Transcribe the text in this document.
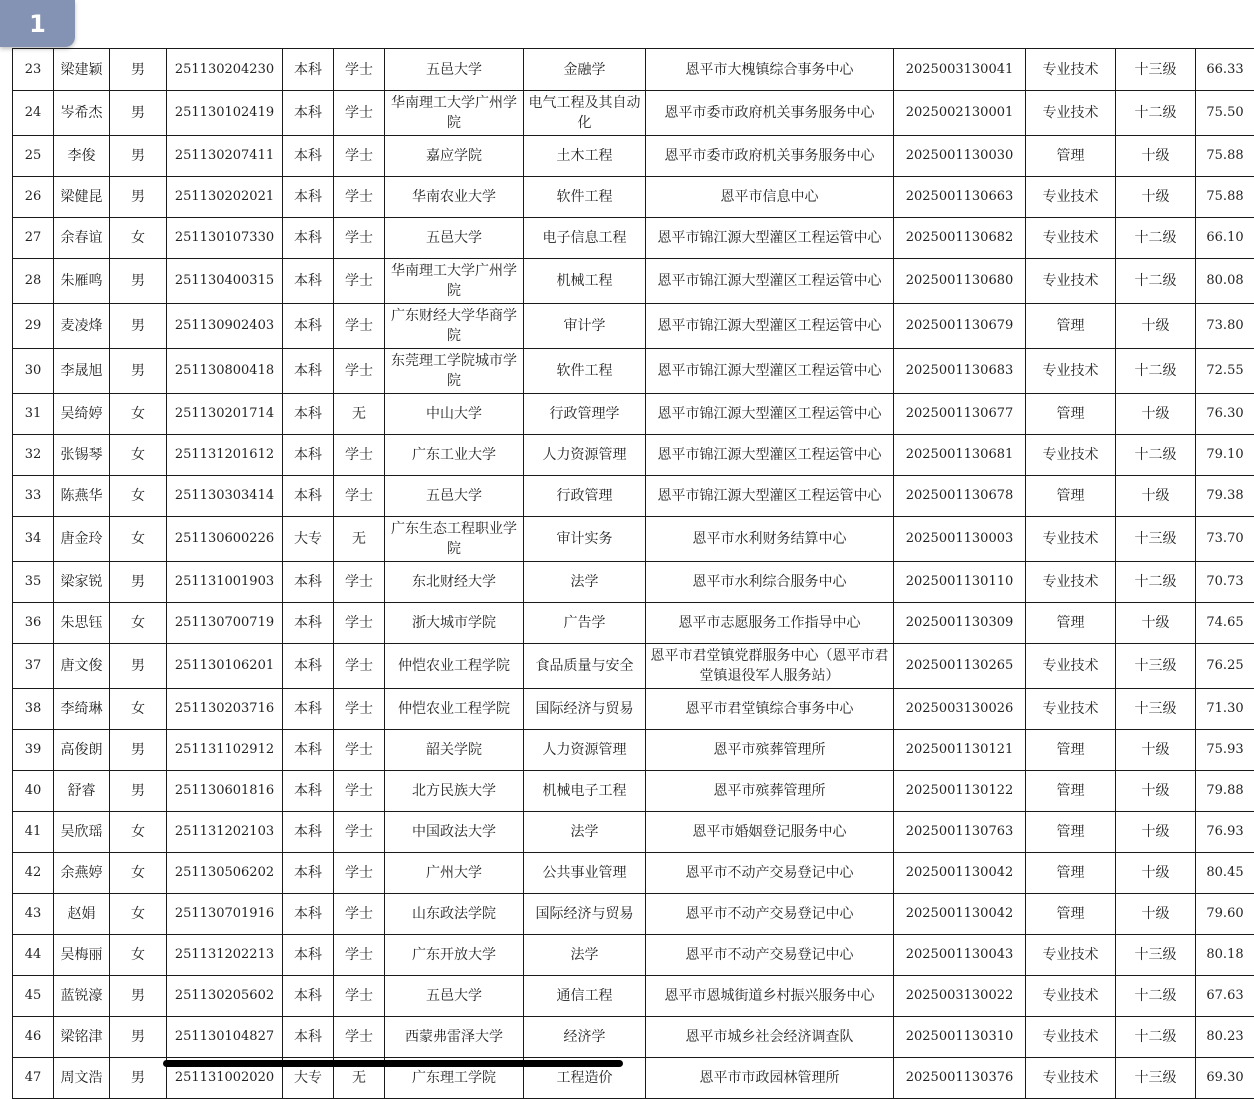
1
23	梁建颖	男	251130204230	本科	学士	五邑大学	金融学	恩平市大槐镇综合事务中心	2025003130041	专业技术	十三级	66.33
24	岑希杰	男	251130102419	本科	学士	华南理工大学广州学院	电气工程及其自动化	恩平市委市政府机关事务服务中心	2025002130001	专业技术	十二级	75.50
25	李俊	男	251130207411	本科	学士	嘉应学院	土木工程	恩平市委市政府机关事务服务中心	2025001130030	管理	十级	75.88
26	梁健昆	男	251130202021	本科	学士	华南农业大学	软件工程	恩平市信息中心	2025001130663	专业技术	十级	75.88
27	余春谊	女	251130107330	本科	学士	五邑大学	电子信息工程	恩平市锦江源大型灌区工程运管中心	2025001130682	专业技术	十二级	66.10
28	朱雁鸣	男	251130400315	本科	学士	华南理工大学广州学院	机械工程	恩平市锦江源大型灌区工程运管中心	2025001130680	专业技术	十二级	80.08
29	麦凌烽	男	251130902403	本科	学士	广东财经大学华商学院	审计学	恩平市锦江源大型灌区工程运管中心	2025001130679	管理	十级	73.80
30	李晟旭	男	251130800418	本科	学士	东莞理工学院城市学院	软件工程	恩平市锦江源大型灌区工程运管中心	2025001130683	专业技术	十二级	72.55
31	吴绮婷	女	251130201714	本科	无	中山大学	行政管理学	恩平市锦江源大型灌区工程运管中心	2025001130677	管理	十级	76.30
32	张锡琴	女	251131201612	本科	学士	广东工业大学	人力资源管理	恩平市锦江源大型灌区工程运管中心	2025001130681	专业技术	十二级	79.10
33	陈燕华	女	251130303414	本科	学士	五邑大学	行政管理	恩平市锦江源大型灌区工程运管中心	2025001130678	管理	十级	79.38
34	唐金玲	女	251130600226	大专	无	广东生态工程职业学院	审计实务	恩平市水利财务结算中心	2025001130003	专业技术	十三级	73.70
35	梁家锐	男	251131001903	本科	学士	东北财经大学	法学	恩平市水利综合服务中心	2025001130110	专业技术	十二级	70.73
36	朱思钰	女	251130700719	本科	学士	浙大城市学院	广告学	恩平市志愿服务工作指导中心	2025001130309	管理	十级	74.65
37	唐文俊	男	251130106201	本科	学士	仲恺农业工程学院	食品质量与安全	恩平市君堂镇党群服务中心（恩平市君堂镇退役军人服务站）	2025001130265	专业技术	十三级	76.25
38	李绮琳	女	251130203716	本科	学士	仲恺农业工程学院	国际经济与贸易	恩平市君堂镇综合事务中心	2025003130026	专业技术	十三级	71.30
39	高俊朗	男	251131102912	本科	学士	韶关学院	人力资源管理	恩平市殡葬管理所	2025001130121	管理	十级	75.93
40	舒睿	男	251130601816	本科	学士	北方民族大学	机械电子工程	恩平市殡葬管理所	2025001130122	管理	十级	79.88
41	吴欣瑶	女	251131202103	本科	学士	中国政法大学	法学	恩平市婚姻登记服务中心	2025001130763	管理	十级	76.93
42	余燕婷	女	251130506202	本科	学士	广州大学	公共事业管理	恩平市不动产交易登记中心	2025001130042	管理	十级	80.45
43	赵娟	女	251130701916	本科	学士	山东政法学院	国际经济与贸易	恩平市不动产交易登记中心	2025001130042	管理	十级	79.60
44	吴梅丽	女	251131202213	本科	学士	广东开放大学	法学	恩平市不动产交易登记中心	2025001130043	专业技术	十三级	80.18
45	蓝锐濠	男	251130205602	本科	学士	五邑大学	通信工程	恩平市恩城街道乡村振兴服务中心	2025003130022	专业技术	十二级	67.63
46	梁铭津	男	251130104827	本科	学士	西蒙弗雷泽大学	经济学	恩平市城乡社会经济调查队	2025001130310	专业技术	十二级	80.23
47	周文浩	男	251131002020	大专	无	广东理工学院	工程造价	恩平市市政园林管理所	2025001130376	专业技术	十三级	69.30
